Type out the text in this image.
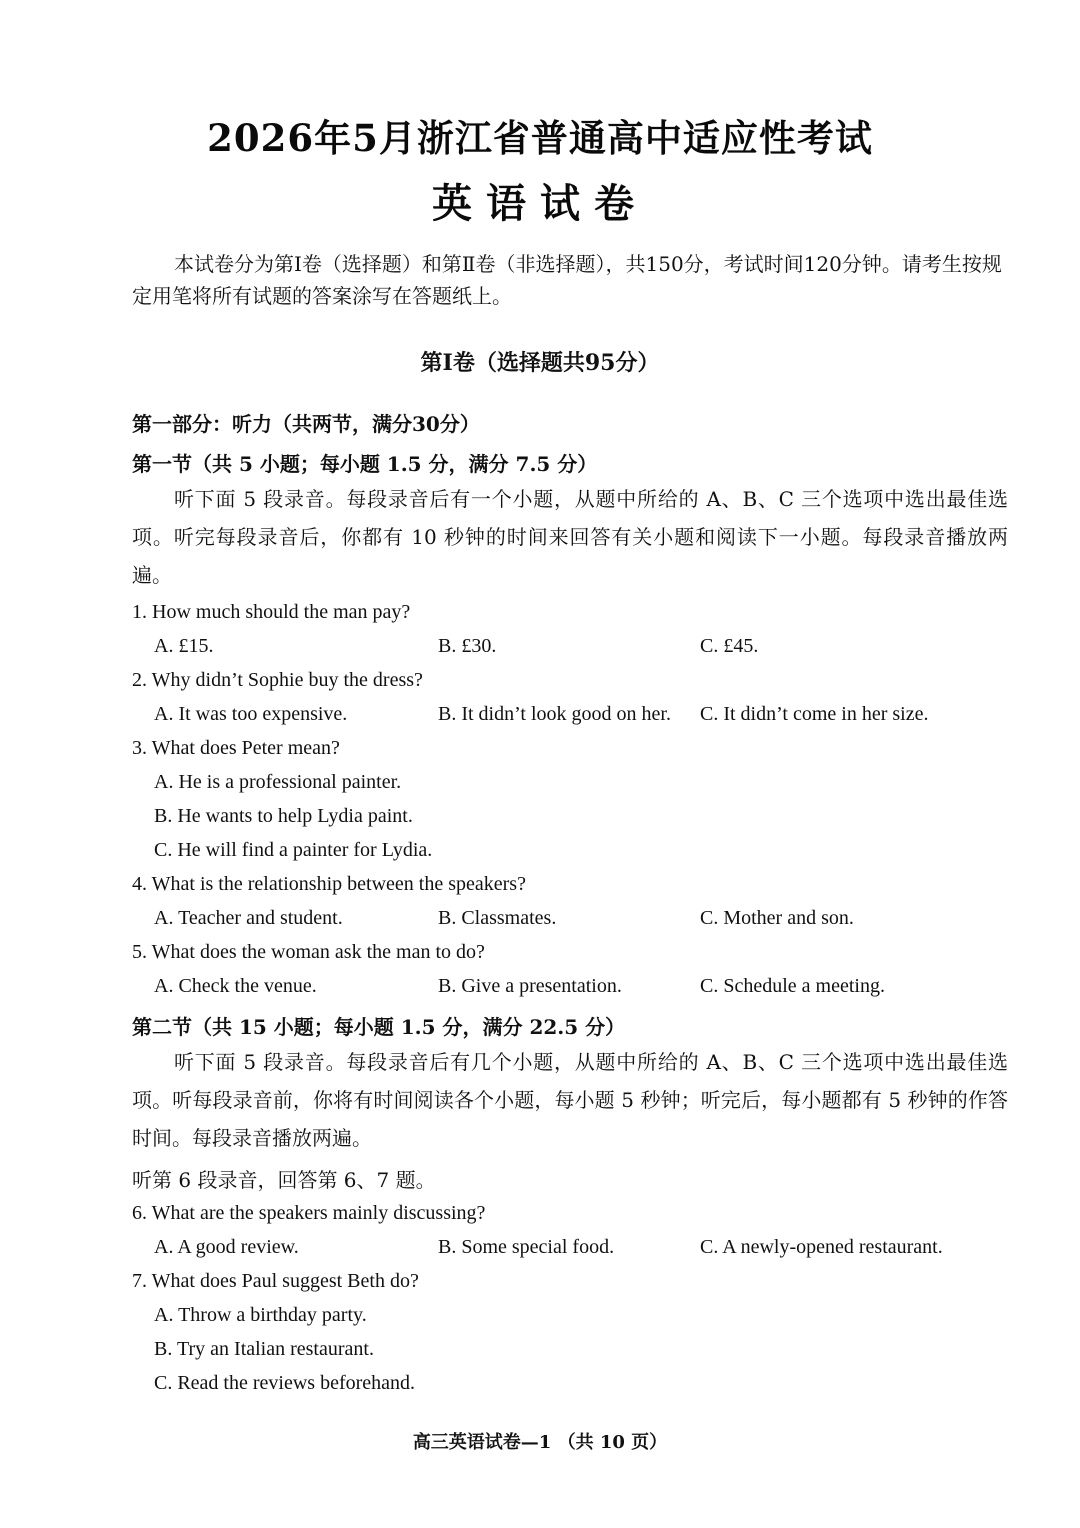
2026年5月浙江省普通高中适应性考试
英语试卷
本试卷分为第Ⅰ卷（选择题）和第Ⅱ卷（非选择题），共150分，考试时间120分钟。请考生按规定用笔将所有试题的答案涂写在答题纸上。
第Ⅰ卷（选择题共95分）
第一部分：听力（共两节，满分30分）
第一节（共 5 小题；每小题 1.5 分，满分 7.5 分）
听下面 5 段录音。每段录音后有一个小题，从题中所给的 A、B、C 三个选项中选出最佳选项。听完每段录音后，你都有 10 秒钟的时间来回答有关小题和阅读下一小题。每段录音播放两遍。
1. How much should the man pay?
A. £15.	B. £30.	C. £45.
2. Why didn’t Sophie buy the dress?
A. It was too expensive.	B. It didn’t look good on her. C. It didn’t come in her size.
3. What does Peter mean?
A. He is a professional painter.
B. He wants to help Lydia paint.
C. He will find a painter for Lydia.
4. What is the relationship between the speakers?
A. Teacher and student.	B. Classmates.	C. Mother and son.
5. What does the woman ask the man to do?
A. Check the venue.	B. Give a presentation.	C. Schedule a meeting.
第二节（共 15 小题；每小题 1.5 分，满分 22.5 分）
听下面 5 段录音。每段录音后有几个小题，从题中所给的 A、B、C 三个选项中选出最佳选项。听每段录音前，你将有时间阅读各个小题，每小题 5 秒钟；听完后，每小题都有 5 秒钟的作答时间。每段录音播放两遍。
听第 6 段录音，回答第 6、7 题。
6. What are the speakers mainly discussing?
A. A good review.	B. Some special food.	C. A newly-opened restaurant.
7. What does Paul suggest Beth do?
A. Throw a birthday party.
B. Try an Italian restaurant.
C. Read the reviews beforehand.
高三英语试卷—1 （共 10 页）
